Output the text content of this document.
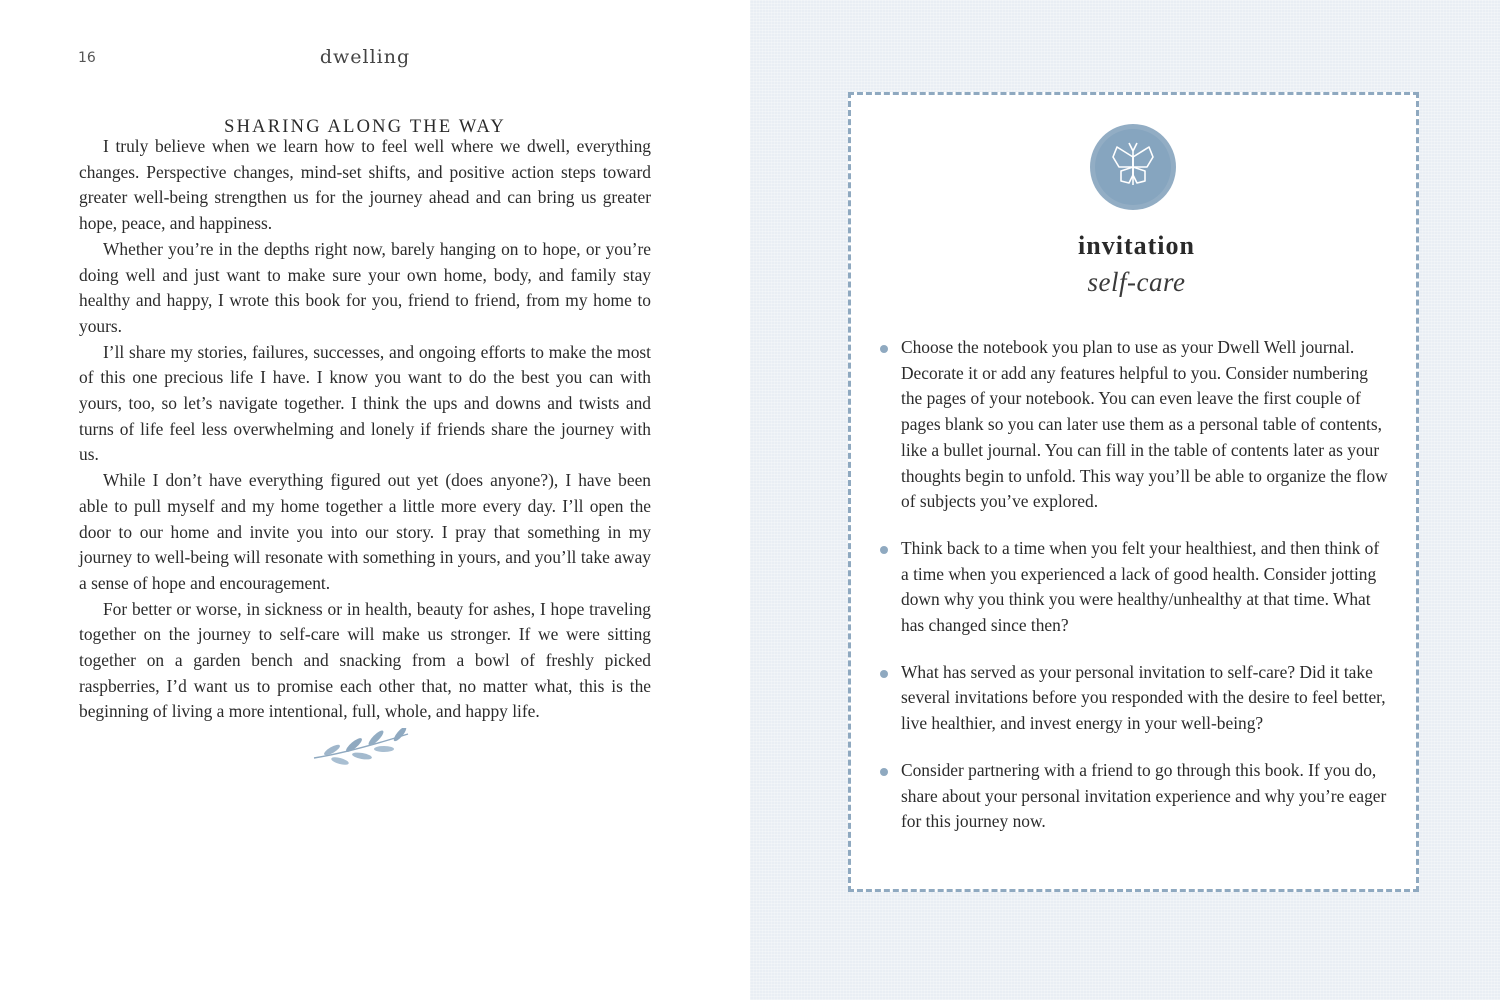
16	dwelling
SHARING ALONG THE WAY

I truly believe when we learn how to feel well where we dwell, everything changes. Perspective changes, mind-set shifts, and positive action steps toward greater well-being strengthen us for the journey ahead and can bring us greater hope, peace, and happiness.

Whether you’re in the depths right now, barely hanging on to hope, or you’re doing well and just want to make sure your own home, body, and family stay healthy and happy, I wrote this book for you, friend to friend, from my home to yours.

I’ll share my stories, failures, successes, and ongoing efforts to make the most of this one precious life I have. I know you want to do the best you can with yours, too, so let’s navigate together. I think the ups and downs and twists and turns of life feel less overwhelming and lonely if friends share the journey with us.

While I don’t have everything figured out yet (does anyone?), I have been able to pull myself and my home together a little more every day. I’ll open the door to our home and invite you into our story. I pray that something in my journey to well-being will resonate with something in yours, and you’ll take away a sense of hope and encouragement.

For better or worse, in sickness or in health, beauty for ashes, I hope traveling together on the journey to self-care will make us stronger. If we were sitting together on a garden bench and snacking from a bowl of freshly picked raspberries, I’d want us to promise each other that, no matter what, this is the beginning of living a more intentional, full, whole, and happy life.

invitation
self-care
Choose the notebook you plan to use as your Dwell Well journal. Decorate it or add any features helpful to you. Consider numbering the pages of your notebook. You can even leave the first couple of pages blank so you can later use them as a personal table of contents, like a bullet journal. You can fill in the table of contents later as your thoughts begin to unfold. This way you’ll be able to organize the flow of subjects you’ve explored.
Think back to a time when you felt your healthiest, and then think of a time when you experienced a lack of good health. Consider jotting down why you think you were healthy/unhealthy at that time. What has changed since then?
What has served as your personal invitation to self-care? Did it take several invitations before you responded with the desire to feel better, live healthier, and invest energy in your well-being?
Consider partnering with a friend to go through this book. If you do, share about your personal invitation experience and why you’re eager for this journey now.
